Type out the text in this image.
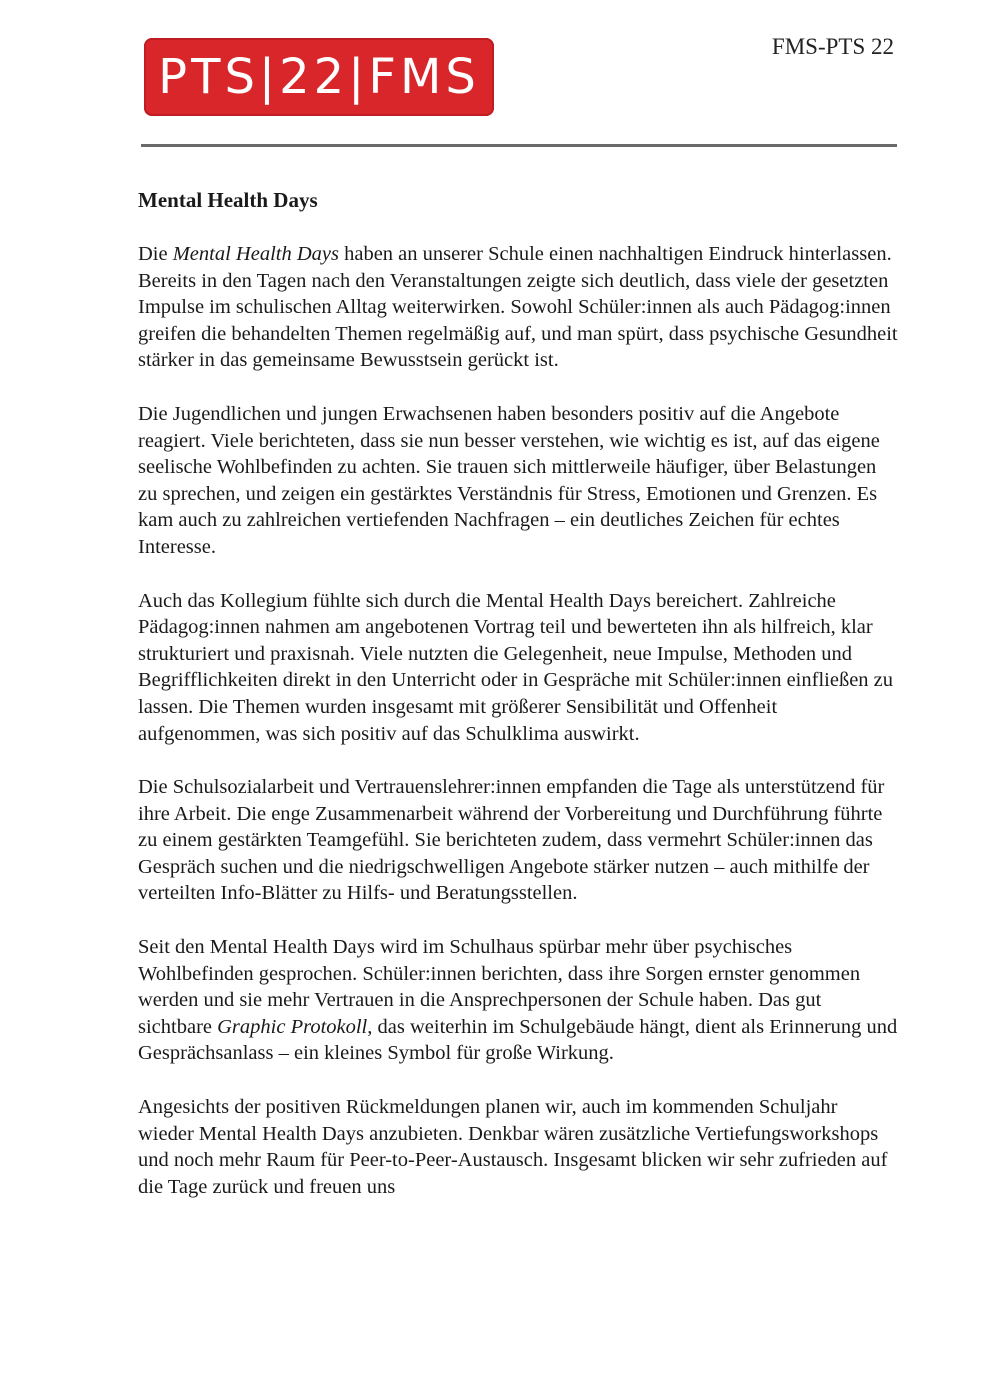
PTS|22|FMS
FMS-PTS 22
Mental Health Days

Die Mental Health Days haben an unserer Schule einen nachhaltigen Eindruck hinterlassen. Bereits in den Tagen nach den Veranstaltungen zeigte sich deutlich, dass viele der gesetzten Impulse im schulischen Alltag weiterwirken. Sowohl Schüler:innen als auch Pädagog:innen greifen die behandelten Themen regelmäßig auf, und man spürt, dass psychische Gesundheit stärker in das gemeinsame Bewusstsein gerückt ist.

Die Jugendlichen und jungen Erwachsenen haben besonders positiv auf die Angebote reagiert. Viele berichteten, dass sie nun besser verstehen, wie wichtig es ist, auf das eigene seelische Wohlbefinden zu achten. Sie trauen sich mittlerweile häufiger, über Belastungen zu sprechen, und zeigen ein gestärktes Verständnis für Stress, Emotionen und Grenzen. Es kam auch zu zahlreichen vertiefenden Nachfragen – ein deutliches Zeichen für echtes Interesse.

Auch das Kollegium fühlte sich durch die Mental Health Days bereichert. Zahlreiche Pädagog:innen nahmen am angebotenen Vortrag teil und bewerteten ihn als hilfreich, klar strukturiert und praxisnah. Viele nutzten die Gelegenheit, neue Impulse, Methoden und Begrifflichkeiten direkt in den Unterricht oder in Gespräche mit Schüler:innen einfließen zu lassen. Die Themen wurden insgesamt mit größerer Sensibilität und Offenheit aufgenommen, was sich positiv auf das Schulklima auswirkt.

Die Schulsozialarbeit und Vertrauenslehrer:innen empfanden die Tage als unterstützend für ihre Arbeit. Die enge Zusammenarbeit während der Vorbereitung und Durchführung führte zu einem gestärkten Teamgefühl. Sie berichteten zudem, dass vermehrt Schüler:innen das Gespräch suchen und die niedrigschwelligen Angebote stärker nutzen – auch mithilfe der verteilten Info-Blätter zu Hilfs- und Beratungsstellen.

Seit den Mental Health Days wird im Schulhaus spürbar mehr über psychisches Wohlbefinden gesprochen. Schüler:innen berichten, dass ihre Sorgen ernster genommen werden und sie mehr Vertrauen in die Ansprechpersonen der Schule haben. Das gut sichtbare Graphic Protokoll, das weiterhin im Schulgebäude hängt, dient als Erinnerung und Gesprächsanlass – ein kleines Symbol für große Wirkung.

Angesichts der positiven Rückmeldungen planen wir, auch im kommenden Schuljahr wieder Mental Health Days anzubieten. Denkbar wären zusätzliche Vertiefungsworkshops und noch mehr Raum für Peer-to-Peer-Austausch. Insgesamt blicken wir sehr zufrieden auf die Tage zurück und freuen uns
